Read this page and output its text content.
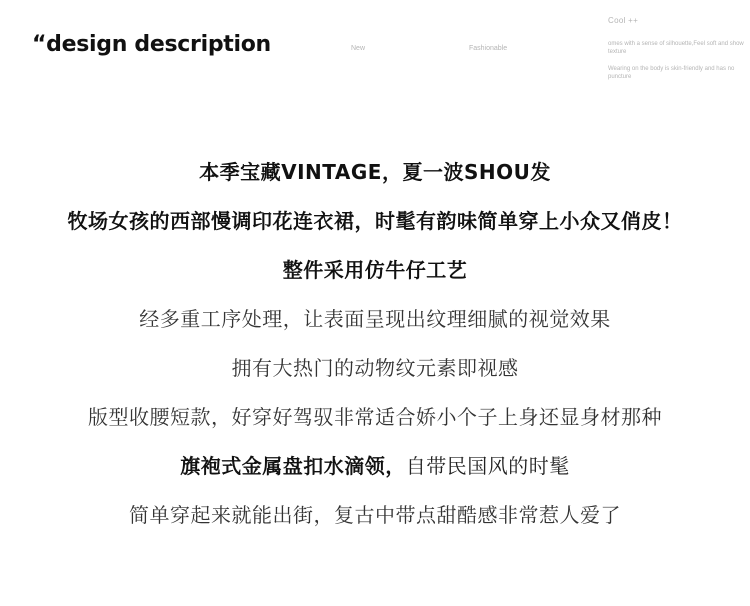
“design description	New	Fashionable
Cool ++
omes with a sense of silhouette,Feel soft and show texture
Wearing on the body is skin-friendly and has no puncture
本季宝藏VINTAGE，夏一波SHOU发
牧场女孩的西部慢调印花连衣裙，时髦有韵味简单穿上小众又俏皮！
整件采用仿牛仔工艺
经多重工序处理，让表面呈现出纹理细腻的视觉效果
拥有大热门的动物纹元素即视感
版型收腰短款，好穿好驾驭非常适合娇小个子上身还显身材那种
旗袍式金属盘扣水滴领，自带民国风的时髦
简单穿起来就能出街，复古中带点甜酷感非常惹人爱了
